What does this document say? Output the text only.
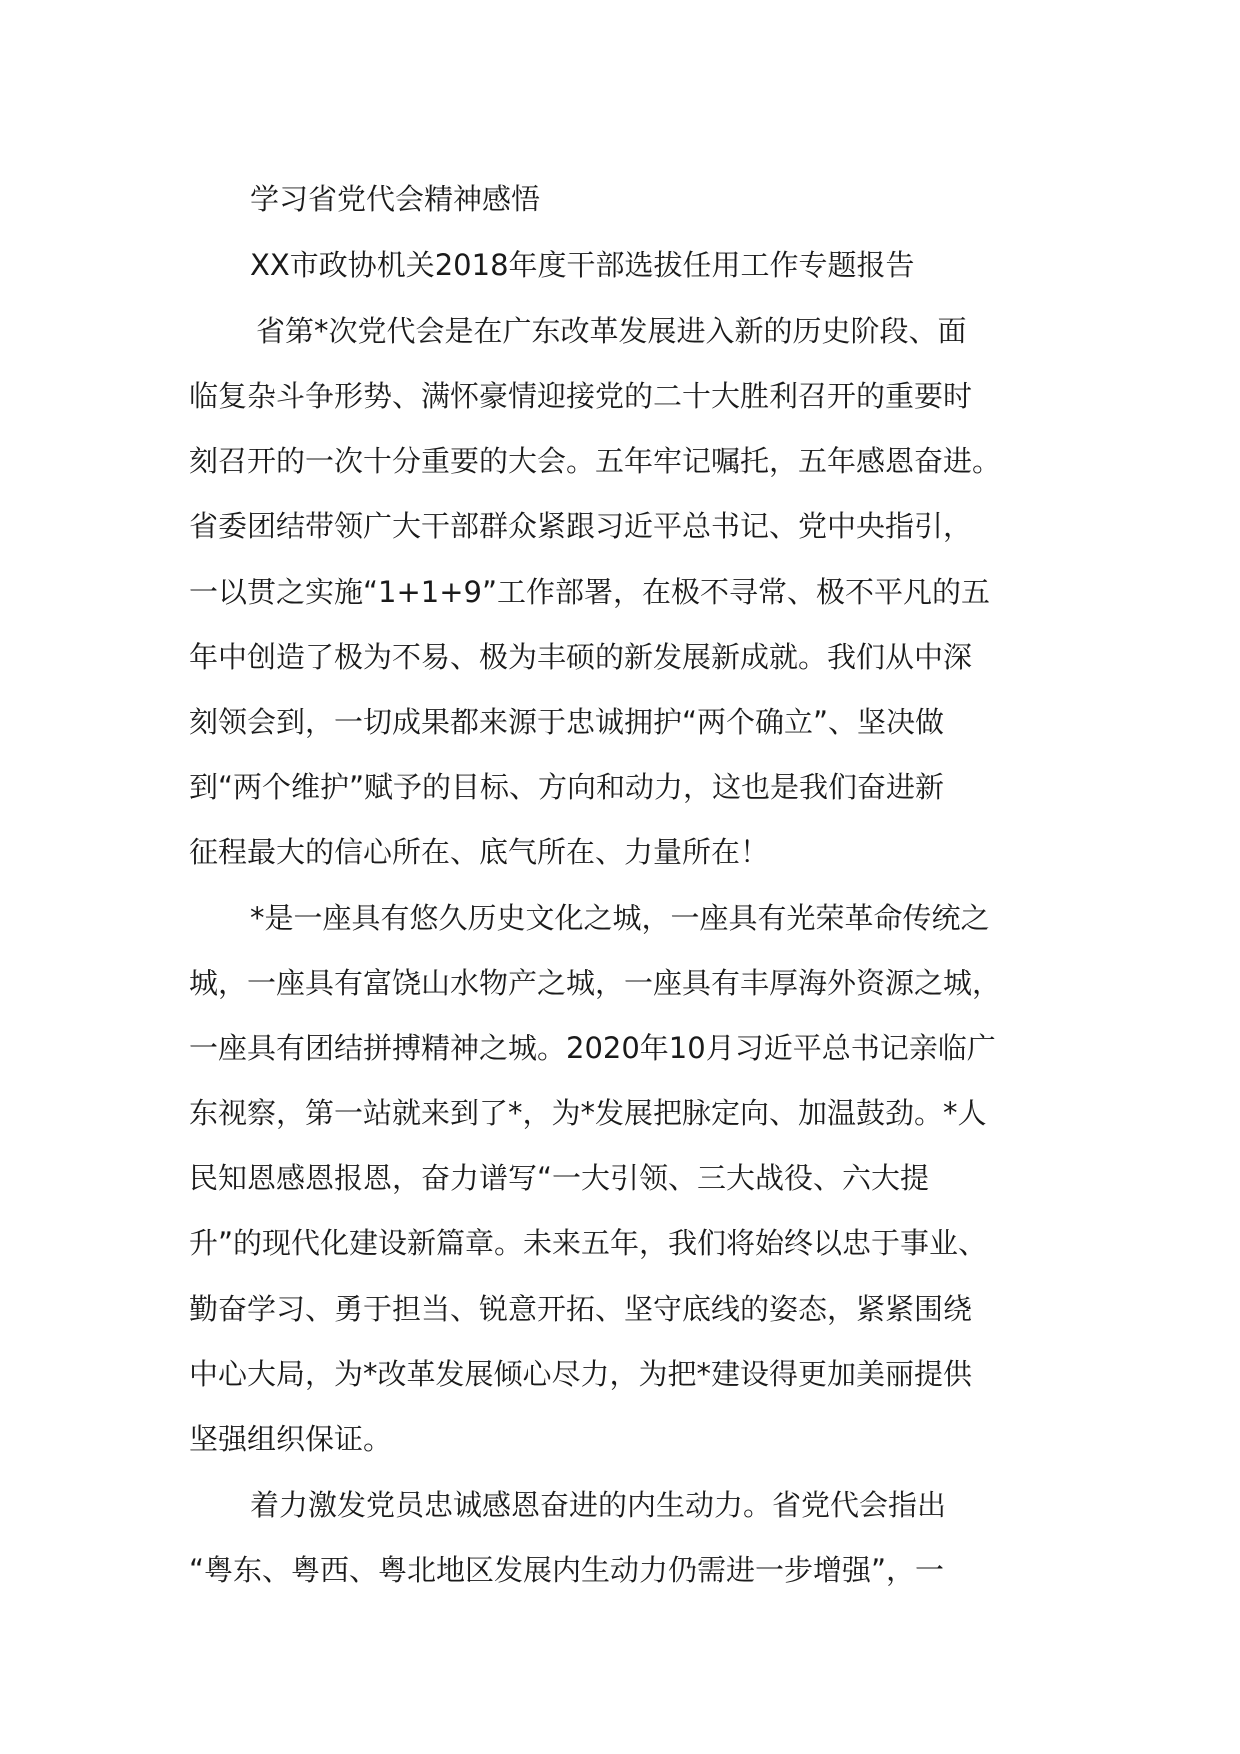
学习省党代会精神感悟
XX市政协机关2018年度干部选拔任用工作专题报告
省第*次党代会是在广东改革发展进入新的历史阶段、面
临复杂斗争形势、满怀豪情迎接党的二十大胜利召开的重要时
刻召开的一次十分重要的大会。五年牢记嘱托，五年感恩奋进。
省委团结带领广大干部群众紧跟习近平总书记、党中央指引，
一以贯之实施“1+1+9”工作部署，在极不寻常、极不平凡的五
年中创造了极为不易、极为丰硕的新发展新成就。我们从中深
刻领会到，一切成果都来源于忠诚拥护“两个确立”、坚决做
到“两个维护”赋予的目标、方向和动力，这也是我们奋进新
征程最大的信心所在、底气所在、力量所在！
*是一座具有悠久历史文化之城，一座具有光荣革命传统之
城，一座具有富饶山水物产之城，一座具有丰厚海外资源之城，
一座具有团结拼搏精神之城。2020年10月习近平总书记亲临广
东视察，第一站就来到了*，为*发展把脉定向、加温鼓劲。*人
民知恩感恩报恩，奋力谱写“一大引领、三大战役、六大提
升”的现代化建设新篇章。未来五年，我们将始终以忠于事业、
勤奋学习、勇于担当、锐意开拓、坚守底线的姿态，紧紧围绕
中心大局，为*改革发展倾心尽力，为把*建设得更加美丽提供
坚强组织保证。
着力激发党员忠诚感恩奋进的内生动力。省党代会指出
“粤东、粤西、粤北地区发展内生动力仍需进一步增强”，一
